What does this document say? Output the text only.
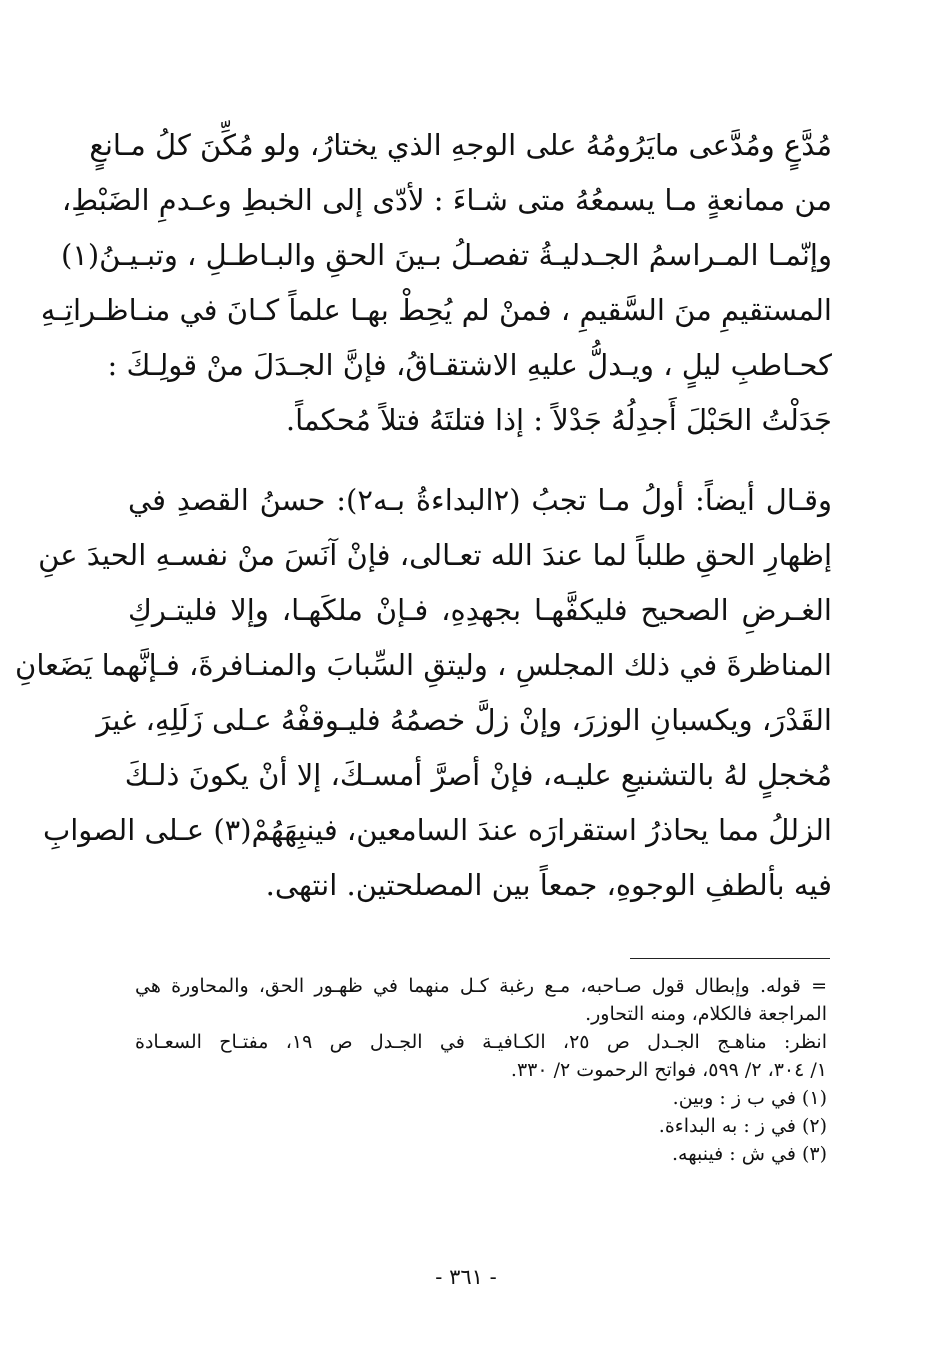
مُدَّعٍ ومُدَّعى مايَرُومُهُ على الوجهِ الذي يختارُ، ولو مُكِّنَ كلُ مـانعٍ
من ممانعةٍ مـا يسمعُهُ متى شـاءَ : لأدّى إلى الخبطِ وعـدمِ الضَبْطِ،
وإنّمـا المـراسمُ الجـدليـةُ تفصـلُ بـينَ الحقِ والبـاطـلِ ، وتبـيـنُ(١)
المستقيمِ منَ السَّقيمِ ، فمنْ لم يُحِطْ بهـا علماً كـانَ في منـاظـراتِـهِ
كحـاطبِ ليلٍ ، ويـدلُّ عليهِ الاشتقـاقُ، فإنَّ الجـدَلَ منْ قولِـكَ :
جَدَلْتُ الحَبْلَ أَجدِلُهُ جَدْلاً : إذا فتلتَهُ فتلاً مُحكماً.
وقـال أيضاً: أولُ مـا تجبُ (٢البداءةُ بـه٢): حسنُ القصدِ في
إظهارِ الحقِ طلباً لما عندَ الله تعـالى، فإنْ آنَسَ منْ نفسـهِ الحيدَ عنِ
الغـرضِ الصحيح فليكفَّهـا بجهدِهِ، فـإنْ ملكَهـا، وإلا فليتـركِ
المناظرةَ في ذلك المجلسِ ، وليتقِ السِّبابَ والمنـافرةَ، فـإنَّهما يَضَعانِ
القَدْرَ، ويكسبانِ الوزرَ، وإنْ زلَّ خصمُهُ فليـوقفْهُ عـلى زَلَلِهِ، غيرَ
مُخجلٍ لهُ بالتشنيعِ عليـه، فإنْ أصرَّ أمسـكَ، إلا أنْ يكونَ ذلـكَ
الزللُ مما يحاذرُ استقرارَه عندَ السامعين، فينبِهَهُمْ(٣) عـلى الصوابِ
فيه بألطفِ الوجوهِ، جمعاً بين المصلحتين. انتهى.
= قوله. وإبطال قول صـاحبه، مـع رغبة كـل منهما في ظهـور الحق، والمحاورة هي
المراجعة فالكلام، ومنه التحاور.
انظر: مناهـج الجـدل ص ٢٥، الكـافيـة في الجـدل ص ١٩، مفتـاح السعـادة
١/ ٣٠٤، ٢/ ٥٩٩، فواتح الرحموت ٢/ ٣٣٠.
(١) في ب ز : وبين.
(٢) في ز : به البداءة.
(٣) في ش : فينبهه.
- ٣٦١ -
